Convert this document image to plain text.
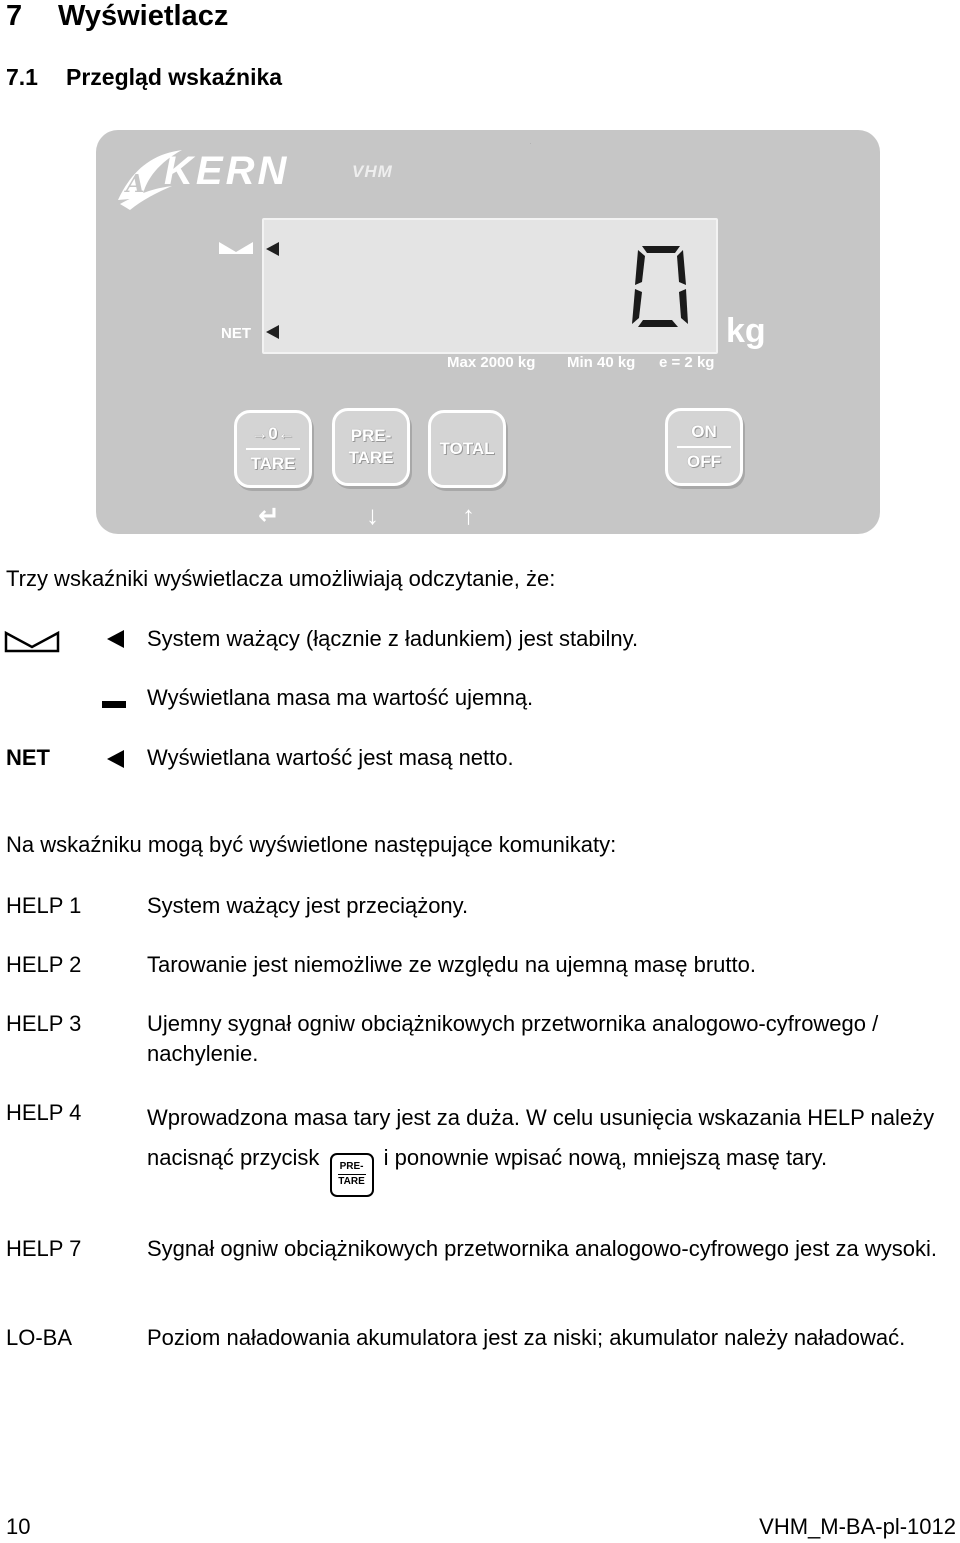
7 Wyświetlacz
7.1 Przegląd wskaźnika
A KERN	VHM
NET
0
kg
Max 2000 kg Min 40 kg e = 2 kg
→0←
TARE
PRE-
TARE	TOTAL
ON
OFF
↵	↓	↑
Trzy wskaźniki wyświetlacza umożliwiają odczytanie, że:
System ważący (łącznie z ładunkiem) jest stabilny.
Wyświetlana masa ma wartość ujemną.
NET	Wyświetlana wartość jest masą netto.
Na wskaźniku mogą być wyświetlone następujące komunikaty:
HELP 1	System ważący jest przeciążony.
HELP 2	Tarowanie jest niemożliwe ze względu na ujemną masę brutto.
HELP 3	Ujemny sygnał ogniw obciążnikowych przetwornika analogowo-cyfrowego / nachylenie.
HELP 4	Wprowadzona masa tary jest za duża. W celu usunięcia wskazania HELP należy nacisnąć przycisk PRE-
TARE
i ponownie wpisać nową, mniejszą masę tary.
HELP 7	Sygnał ogniw obciążnikowych przetwornika analogowo-cyfrowego jest za wysoki.
LO-BA	Poziom naładowania akumulatora jest za niski; akumulator należy naładować.
10	VHM_M-BA-pl-1012
